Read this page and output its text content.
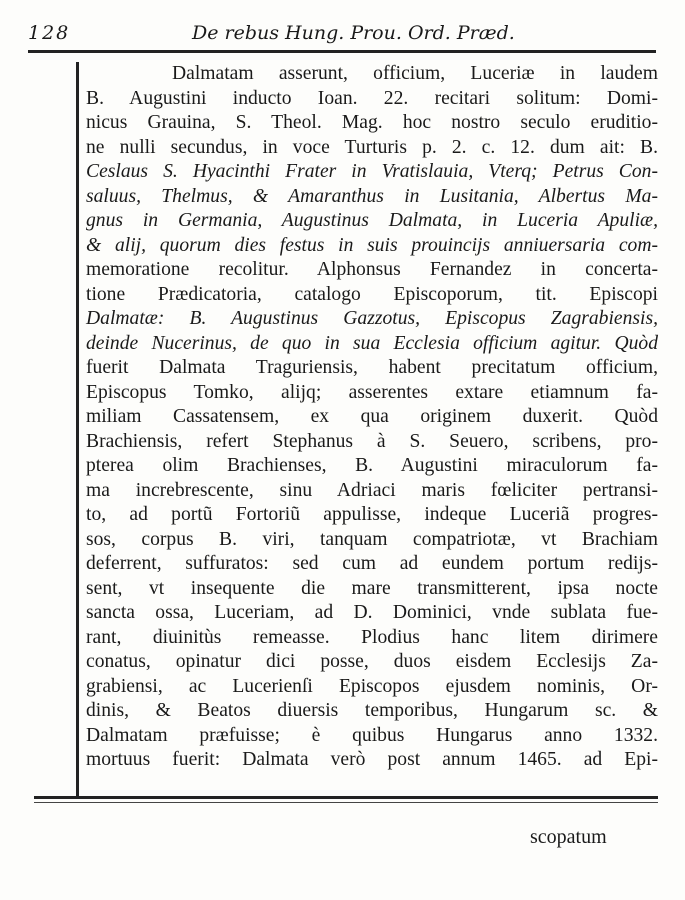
128	De rebus Hung. Prou. Ord. Præd.
Dalmatam asserunt, officium, Luceriæ in laudem
B. Augustini inducto Ioan. 22. recitari solitum: Domi-
nicus Grauina, S. Theol. Mag. hoc nostro seculo eruditio-
ne nulli secundus, in voce Turturis p. 2. c. 12. dum ait: B.
Ceslaus S. Hyacinthi Frater in Vratislauia, Vterq; Petrus Con-
saluus, Thelmus, & Amaranthus in Lusitania, Albertus Ma-
gnus in Germania, Augustinus Dalmata, in Luceria Apuliæ,
& alij, quorum dies festus in suis prouincijs anniuersaria com-
memoratione recolitur. Alphonsus Fernandez in concerta-
tione Prædicatoria, catalogo Episcoporum, tit. Episcopi
Dalmatæ: B. Augustinus Gazzotus, Episcopus Zagrabiensis,
deinde Nucerinus, de quo in sua Ecclesia officium agitur. Quòd
fuerit Dalmata Traguriensis, habent precitatum officium,
Episcopus Tomko, alijq; asserentes extare etiamnum fa-
miliam Cassatensem, ex qua originem duxerit. Quòd
Brachiensis, refert Stephanus à S. Seuero, scribens, pro-
pterea olim Brachienses, B. Augustini miraculorum fa-
ma increbrescente, sinu Adriaci maris fœliciter pertransi-
to, ad portũ Fortoriũ appulisse, indeque Luceriã progres-
sos, corpus B. viri, tanquam compatriotæ, vt Brachiam
deferrent, suffuratos: sed cum ad eundem portum redijs-
sent, vt insequente die mare transmitterent, ipsa nocte
sancta ossa, Luceriam, ad D. Dominici, vnde sublata fue-
rant, diuinitùs remeasse. Plodius hanc litem dirimere
conatus, opinatur dici posse, duos eisdem Ecclesijs Za-
grabiensi, ac Lucerienſi Episcopos ejusdem nominis, Or-
dinis, & Beatos diuersis temporibus, Hungarum sc. &
Dalmatam præfuisse; è quibus Hungarus anno 1332.
mortuus fuerit: Dalmata verò post annum 1465. ad Epi-
scopatum
